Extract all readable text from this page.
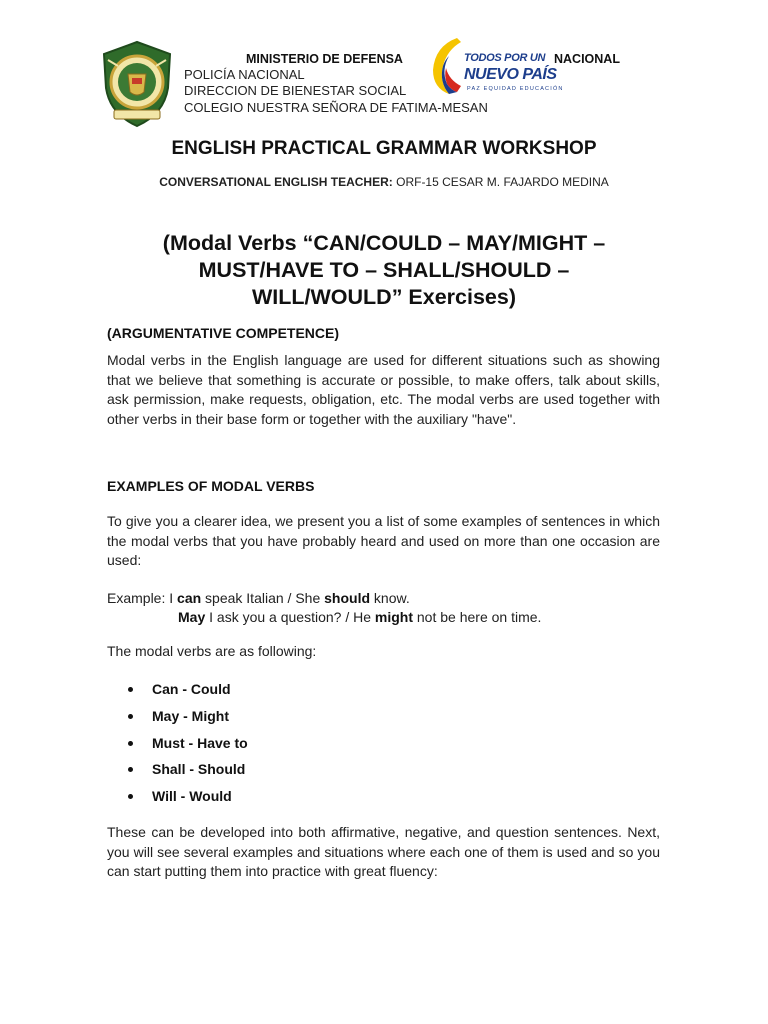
MINISTERIO DE DEFENSA	NACIONAL
POLICÍA NACIONAL
DIRECCION DE BIENESTAR SOCIAL
COLEGIO NUESTRA SEÑORA DE FATIMA-MESAN
TODOS POR UN
NUEVO PAÍS
PAZ EQUIDAD EDUCACIÓN
ENGLISH PRACTICAL GRAMMAR WORKSHOP
CONVERSATIONAL ENGLISH TEACHER: ORF-15 CESAR M. FAJARDO MEDINA
(Modal Verbs “CAN/COULD – MAY/MIGHT –
MUST/HAVE TO – SHALL/SHOULD –
WILL/WOULD” Exercises)
(ARGUMENTATIVE COMPETENCE)
Modal verbs in the English language are used for different situations such as showing that we believe that something is accurate or possible, to make offers, talk about skills, ask permission, make requests, obligation, etc. The modal verbs are used together with other verbs in their base form or together with the auxiliary "have".
EXAMPLES OF MODAL VERBS
To give you a clearer idea, we present you a list of some examples of sentences in which the modal verbs that you have probably heard and used on more than one occasion are used:
Example: I can speak Italian / She should know.
May I ask you a question? / He might not be here on time.
The modal verbs are as following:
Can - Could
May - Might
Must - Have to
Shall - Should
Will - Would
These can be developed into both affirmative, negative, and question sentences. Next, you will see several examples and situations where each one of them is used and so you can start putting them into practice with great fluency:
